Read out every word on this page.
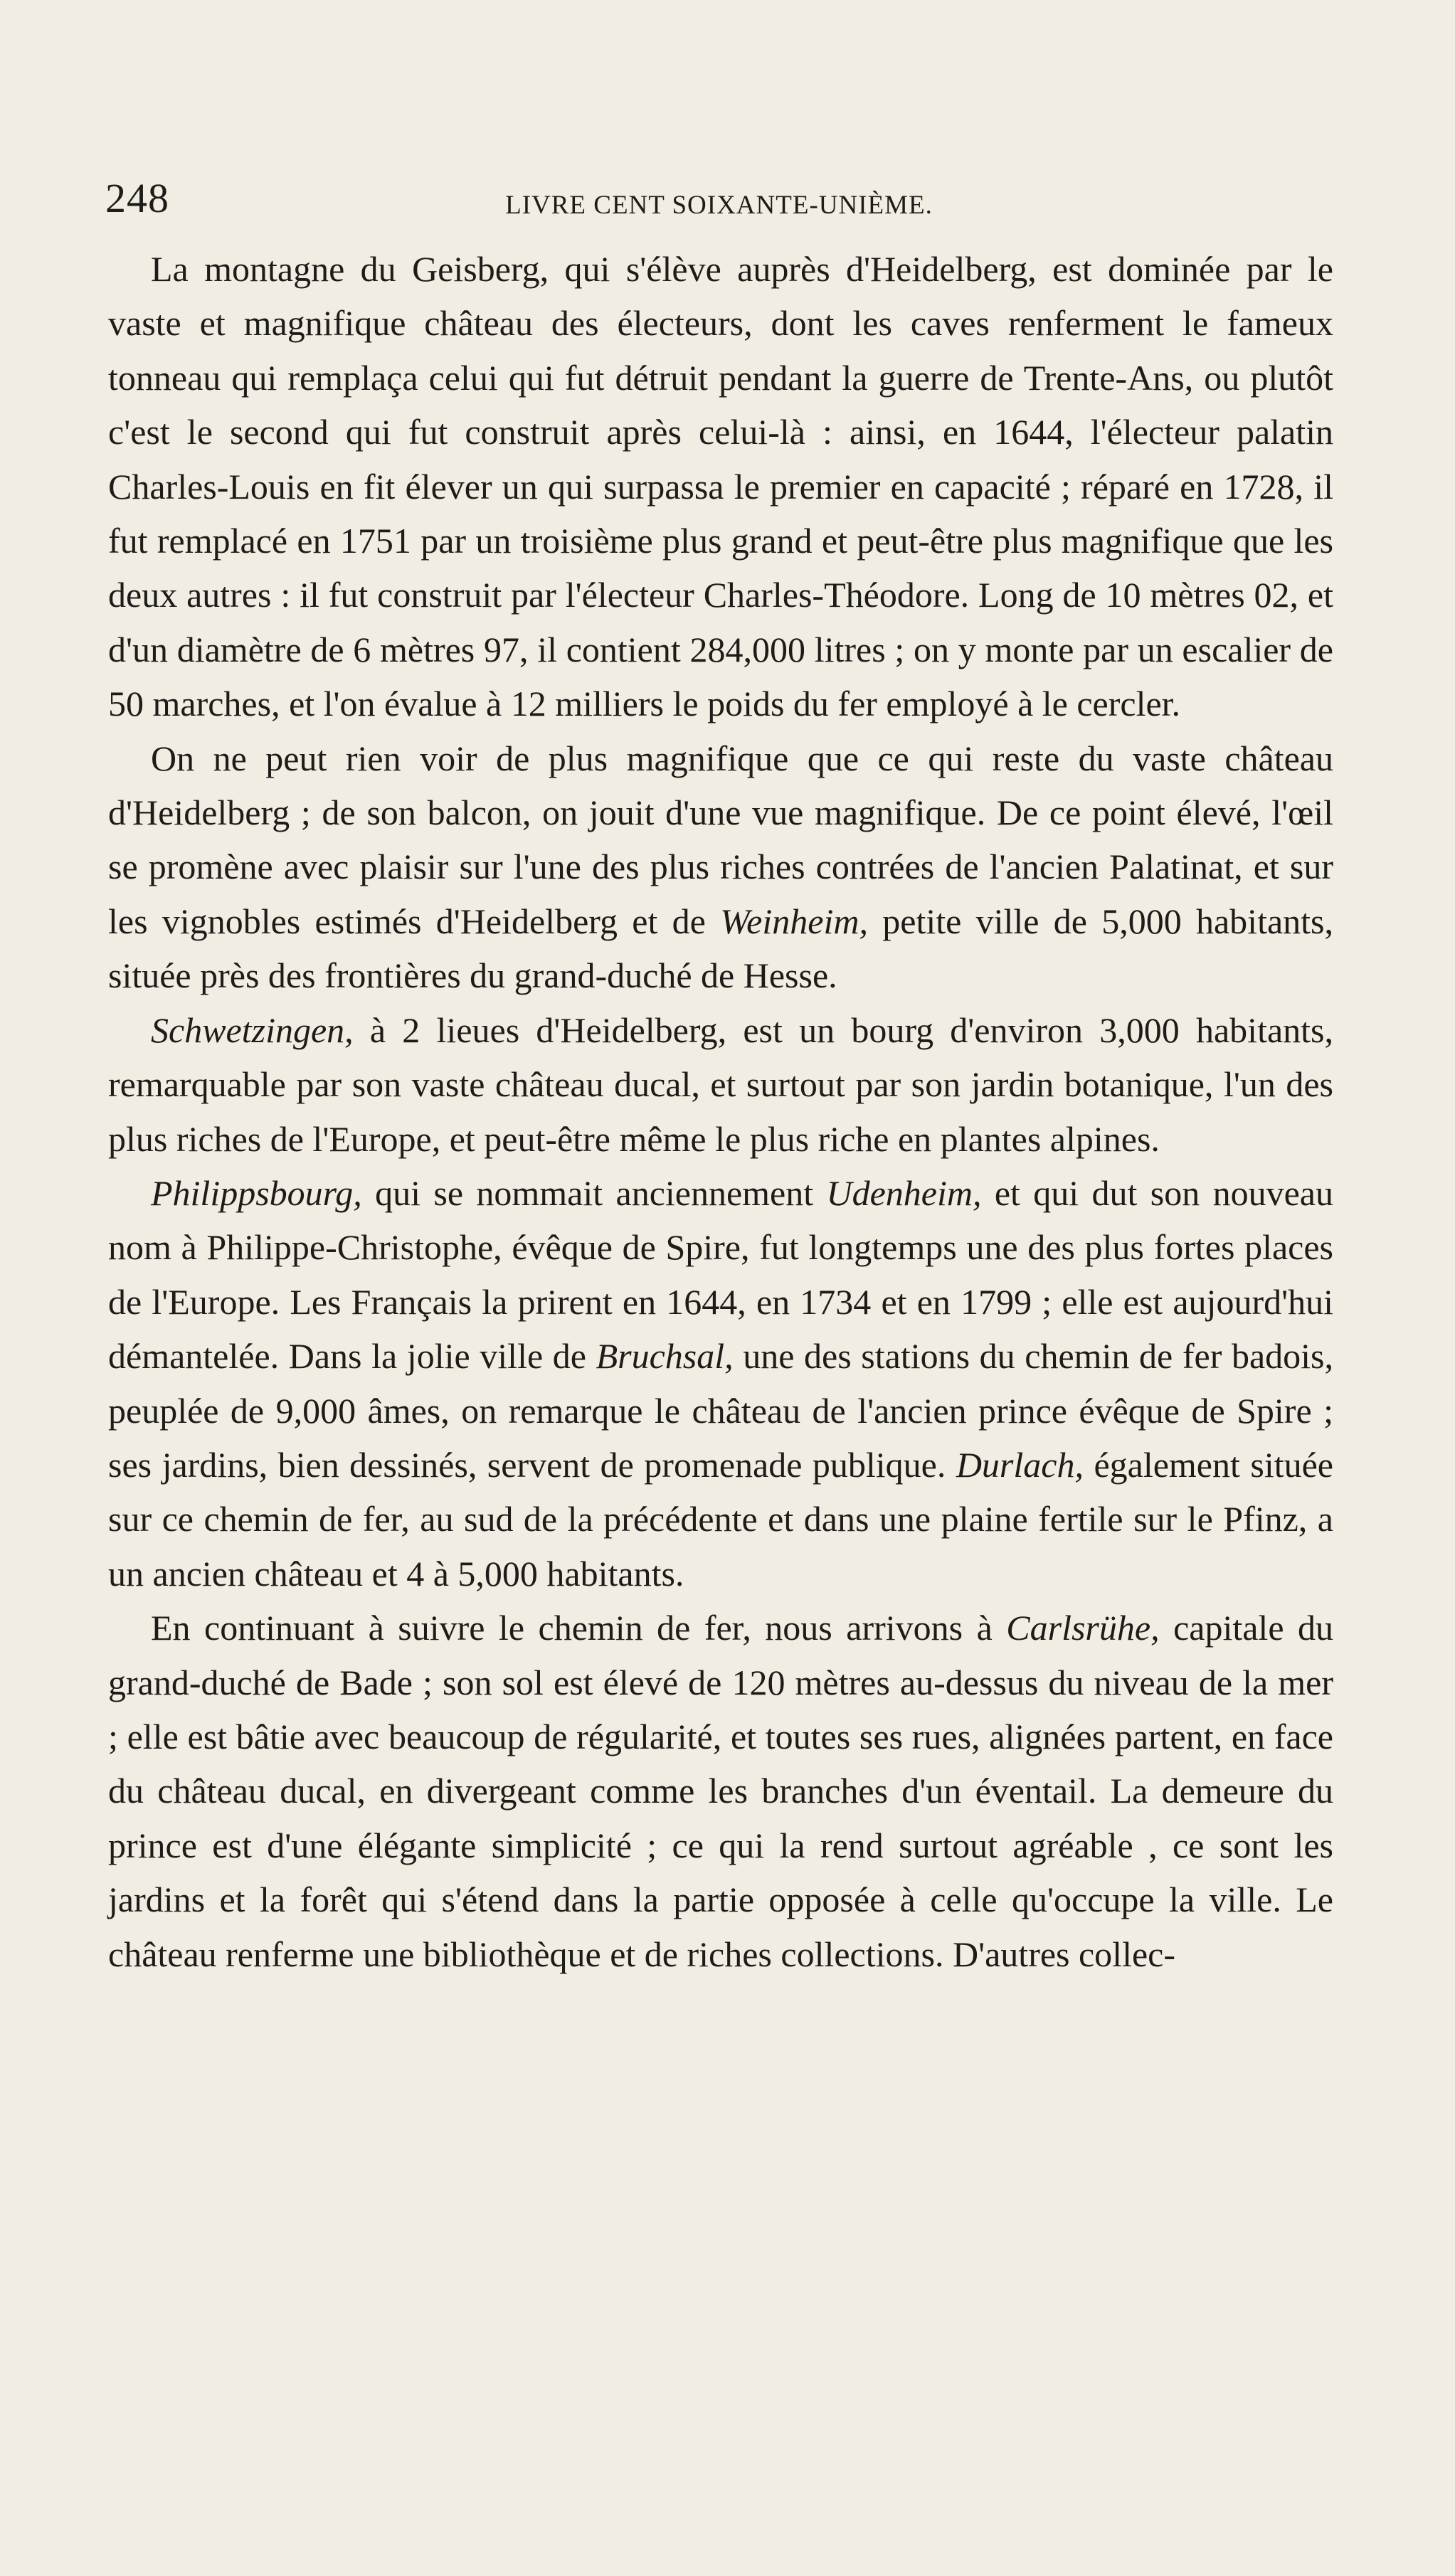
248	LIVRE CENT SOIXANTE-UNIÈME.

La montagne du Geisberg, qui s'élève auprès d'Heidelberg, est dominée par le vaste et magnifique château des électeurs, dont les caves renferment le fameux tonneau qui remplaça celui qui fut détruit pendant la guerre de Trente-Ans, ou plutôt c'est le second qui fut construit après celui-là : ainsi, en 1644, l'électeur palatin Charles-Louis en fit élever un qui surpassa le premier en capacité ; réparé en 1728, il fut remplacé en 1751 par un troisième plus grand et peut-être plus magnifique que les deux autres : il fut construit par l'électeur Charles-Théodore. Long de 10 mètres 02, et d'un diamètre de 6 mètres 97, il contient 284,000 litres ; on y monte par un escalier de 50 marches, et l'on évalue à 12 milliers le poids du fer employé à le cercler.

On ne peut rien voir de plus magnifique que ce qui reste du vaste château d'Heidelberg ; de son balcon, on jouit d'une vue magnifique. De ce point élevé, l'œil se promène avec plaisir sur l'une des plus riches contrées de l'ancien Palatinat, et sur les vignobles estimés d'Heidelberg et de Weinheim, petite ville de 5,000 habitants, située près des frontières du grand-duché de Hesse.

Schwetzingen, à 2 lieues d'Heidelberg, est un bourg d'environ 3,000 habitants, remarquable par son vaste château ducal, et surtout par son jardin botanique, l'un des plus riches de l'Europe, et peut-être même le plus riche en plantes alpines.

Philippsbourg, qui se nommait anciennement Udenheim, et qui dut son nouveau nom à Philippe-Christophe, évêque de Spire, fut longtemps une des plus fortes places de l'Europe. Les Français la prirent en 1644, en 1734 et en 1799 ; elle est aujourd'hui démantelée. Dans la jolie ville de Bruchsal, une des stations du chemin de fer badois, peuplée de 9,000 âmes, on remarque le château de l'ancien prince évêque de Spire ; ses jardins, bien dessinés, servent de promenade publique. Durlach, également située sur ce chemin de fer, au sud de la précédente et dans une plaine fertile sur le Pfinz, a un ancien château et 4 à 5,000 habitants.

En continuant à suivre le chemin de fer, nous arrivons à Carlsrühe, capitale du grand-duché de Bade ; son sol est élevé de 120 mètres au-dessus du niveau de la mer ; elle est bâtie avec beaucoup de régularité, et toutes ses rues, alignées partent, en face du château ducal, en divergeant comme les branches d'un éventail. La demeure du prince est d'une élégante simplicité ; ce qui la rend surtout agréable , ce sont les jardins et la forêt qui s'étend dans la partie opposée à celle qu'occupe la ville. Le château renferme une bibliothèque et de riches collections. D'autres collec-
